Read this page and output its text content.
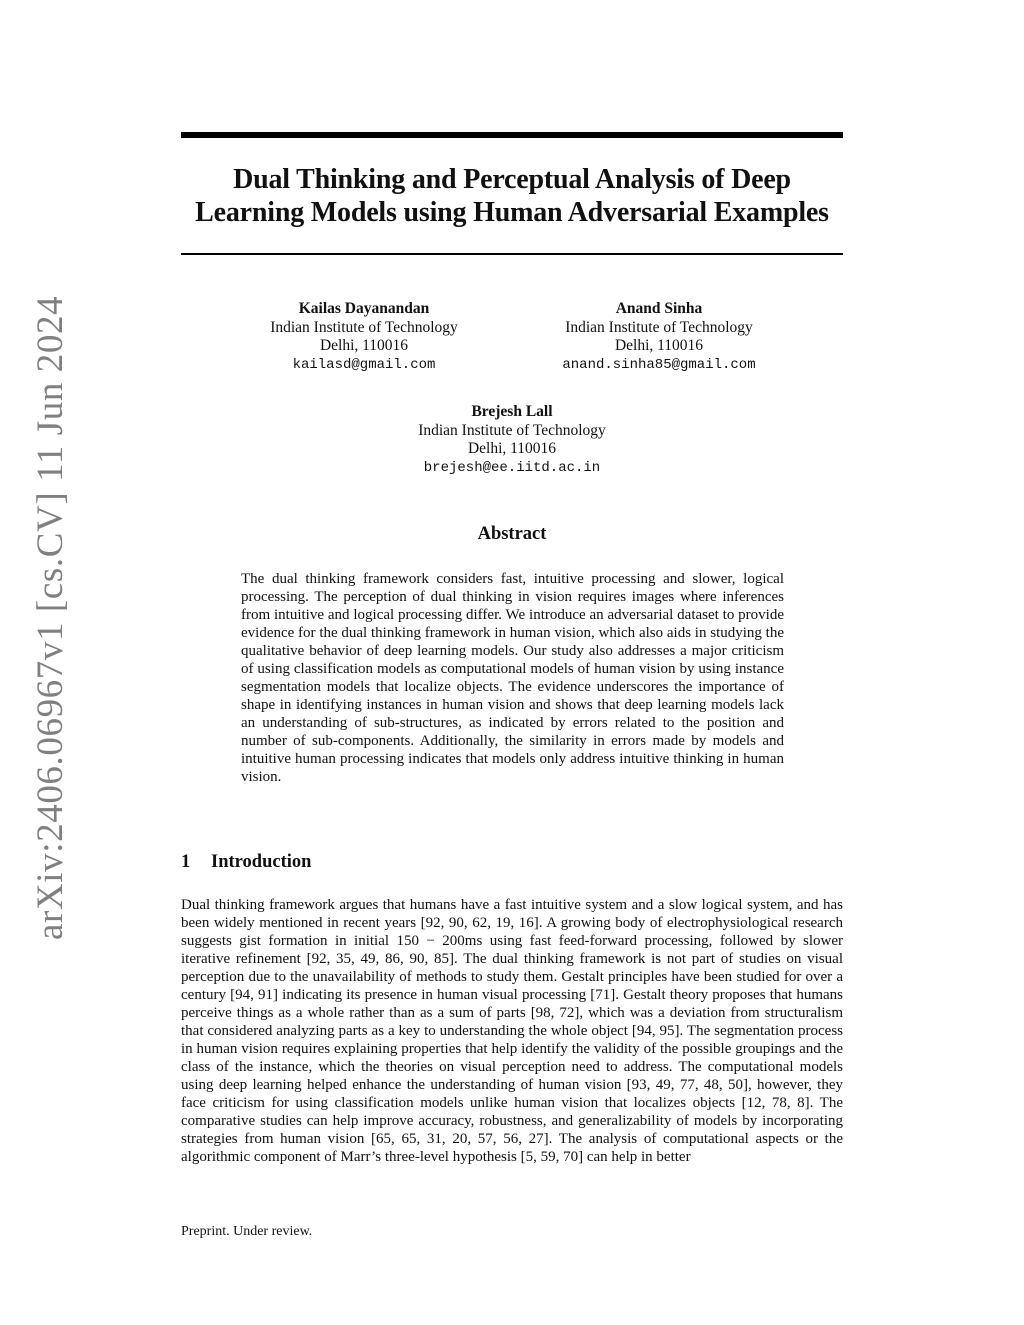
arXiv:2406.06967v1 [cs.CV] 11 Jun 2024
Dual Thinking and Perceptual Analysis of Deep Learning Models using Human Adversarial Examples
Kailas Dayanandan
Indian Institute of Technology
Delhi, 110016
kailasd@gmail.com
Anand Sinha
Indian Institute of Technology
Delhi, 110016
anand.sinha85@gmail.com
Brejesh Lall
Indian Institute of Technology
Delhi, 110016
brejesh@ee.iitd.ac.in
Abstract
The dual thinking framework considers fast, intuitive processing and slower, logical processing. The perception of dual thinking in vision requires images where inferences from intuitive and logical processing differ. We introduce an adversarial dataset to provide evidence for the dual thinking framework in human vision, which also aids in studying the qualitative behavior of deep learning models. Our study also addresses a major criticism of using classification models as computational models of human vision by using instance segmentation models that localize objects. The evidence underscores the importance of shape in identifying instances in human vision and shows that deep learning models lack an understanding of sub-structures, as indicated by errors related to the position and number of sub-components. Additionally, the similarity in errors made by models and intuitive human processing indicates that models only address intuitive thinking in human vision.
1 Introduction
Dual thinking framework argues that humans have a fast intuitive system and a slow logical system, and has been widely mentioned in recent years [92, 90, 62, 19, 16]. A growing body of electrophysiological research suggests gist formation in initial 150 − 200ms using fast feed-forward processing, followed by slower iterative refinement [92, 35, 49, 86, 90, 85]. The dual thinking framework is not part of studies on visual perception due to the unavailability of methods to study them. Gestalt principles have been studied for over a century [94, 91] indicating its presence in human visual processing [71]. Gestalt theory proposes that humans perceive things as a whole rather than as a sum of parts [98, 72], which was a deviation from structuralism that considered analyzing parts as a key to understanding the whole object [94, 95]. The segmentation process in human vision requires explaining properties that help identify the validity of the possible groupings and the class of the instance, which the theories on visual perception need to address. The computational models using deep learning helped enhance the understanding of human vision [93, 49, 77, 48, 50], however, they face criticism for using classification models unlike human vision that localizes objects [12, 78, 8]. The comparative studies can help improve accuracy, robustness, and generalizability of models by incorporating strategies from human vision [65, 65, 31, 20, 57, 56, 27]. The analysis of computational aspects or the algorithmic component of Marr’s three-level hypothesis [5, 59, 70] can help in better
Preprint. Under review.
